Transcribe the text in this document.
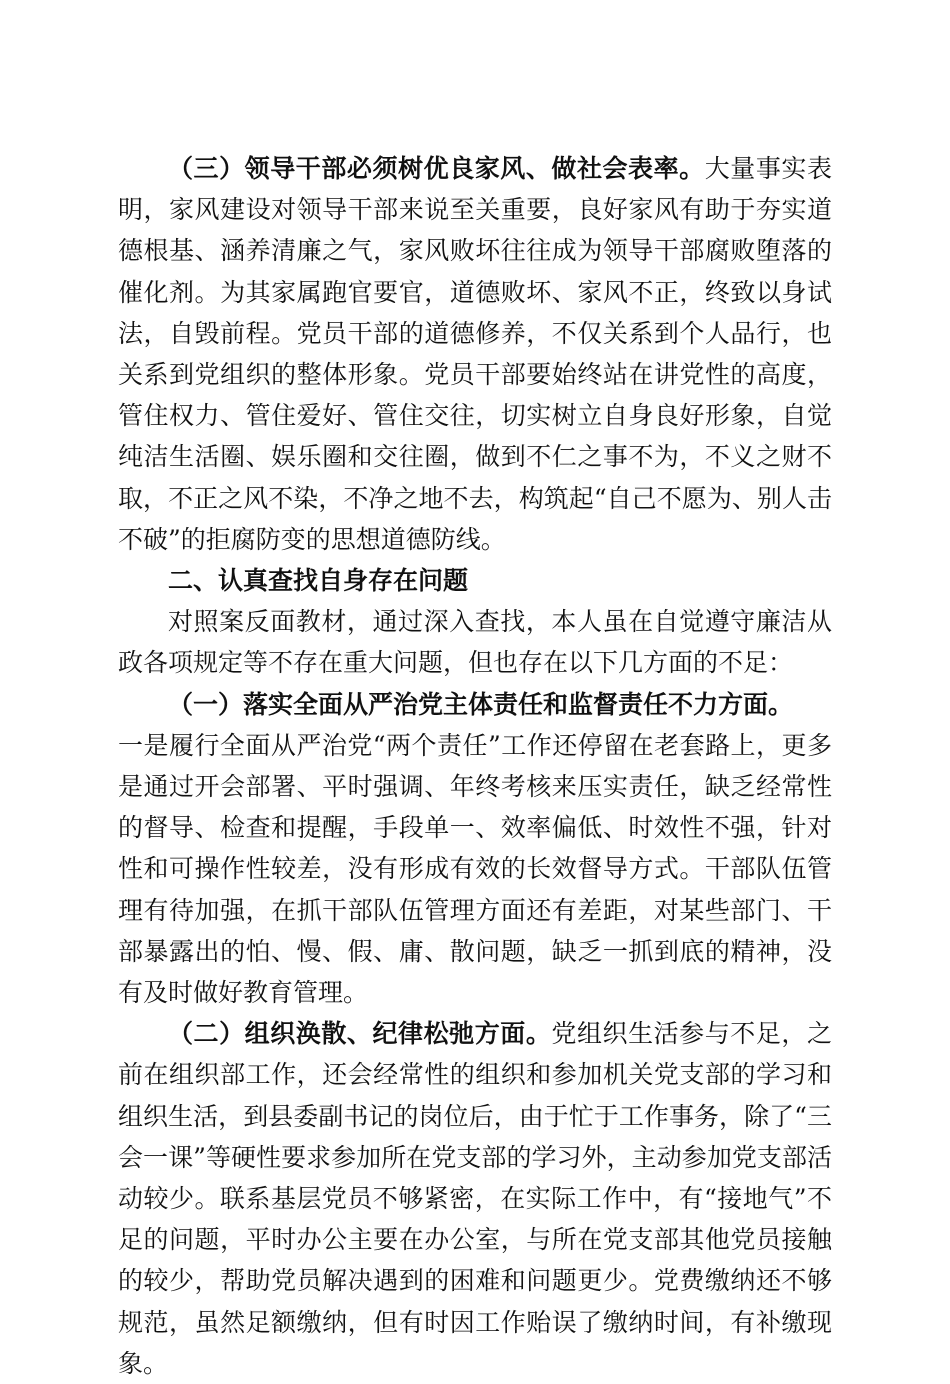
（三）领导干部必须树优良家风、做社会表率。大量事实表明，家风建设对领导干部来说至关重要，良好家风有助于夯实道德根基、涵养清廉之气，家风败坏往往成为领导干部腐败堕落的催化剂。为其家属跑官要官，道德败坏、家风不正，终致以身试法，自毁前程。党员干部的道德修养，不仅关系到个人品行，也关系到党组织的整体形象。党员干部要始终站在讲党性的高度，管住权力、管住爱好、管住交往，切实树立自身良好形象，自觉纯洁生活圈、娱乐圈和交往圈，做到不仁之事不为，不义之财不取，不正之风不染，不净之地不去，构筑起“自己不愿为、别人击不破”的拒腐防变的思想道德防线。

二、认真查找自身存在问题

对照案反面教材，通过深入查找，本人虽在自觉遵守廉洁从政各项规定等不存在重大问题，但也存在以下几方面的不足：

（一）落实全面从严治党主体责任和监督责任不力方面。

一是履行全面从严治党“两个责任”工作还停留在老套路上，更多是通过开会部署、平时强调、年终考核来压实责任，缺乏经常性的督导、检查和提醒，手段单一、效率偏低、时效性不强，针对性和可操作性较差，没有形成有效的长效督导方式。干部队伍管理有待加强，在抓干部队伍管理方面还有差距，对某些部门、干部暴露出的怕、慢、假、庸、散问题，缺乏一抓到底的精神，没有及时做好教育管理。

（二）组织涣散、纪律松弛方面。党组织生活参与不足，之前在组织部工作，还会经常性的组织和参加机关党支部的学习和组织生活，到县委副书记的岗位后，由于忙于工作事务，除了“三会一课”等硬性要求参加所在党支部的学习外，主动参加党支部活动较少。联系基层党员不够紧密，在实际工作中，有“接地气”不足的问题，平时办公主要在办公室，与所在党支部其他党员接触的较少，帮助党员解决遇到的困难和问题更少。党费缴纳还不够规范，虽然足额缴纳，但有时因工作贻误了缴纳时间，有补缴现象。
